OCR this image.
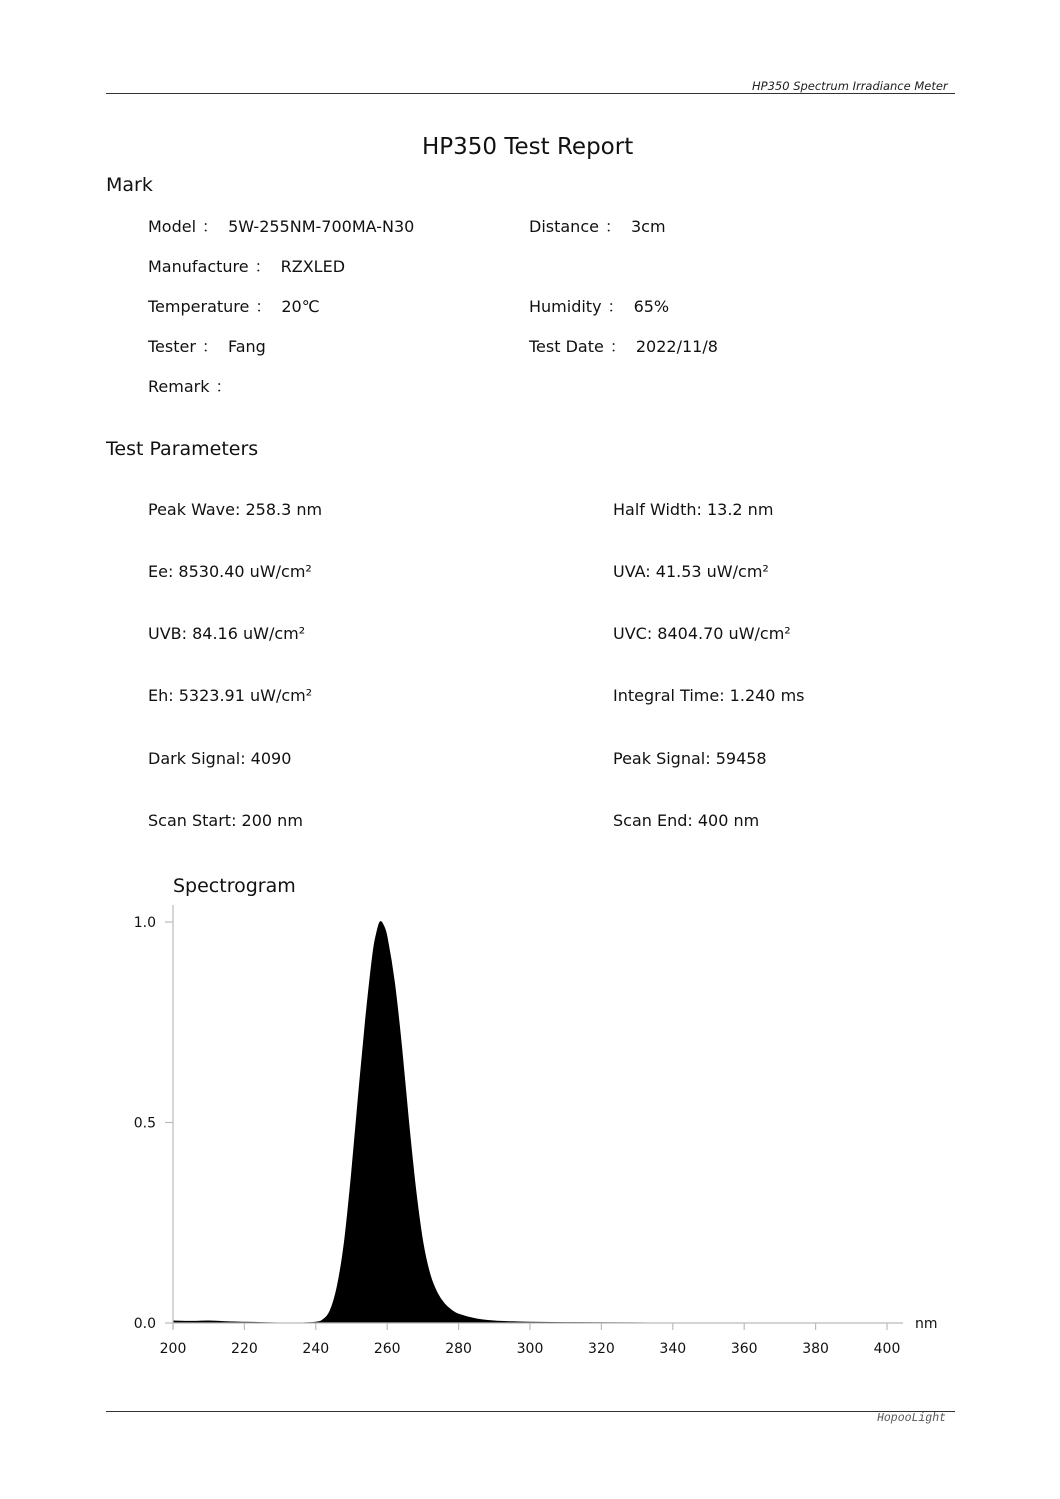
HP350 Spectrum Irradiance Meter
HP350 Test Report
Mark
Model ： 5W-255NM-700MA-N30	Distance ： 3cm
Manufacture ： RZXLED
Temperature ： 20℃	Humidity ： 65%
Tester ： Fang	Test Date ： 2022/11/8
Remark ：
Test Parameters
Peak Wave: 258.3 nm	Half Width: 13.2 nm
Ee: 8530.40 uW/cm²	UVA: 41.53 uW/cm²
UVB: 84.16 uW/cm²	UVC: 8404.70 uW/cm²
Eh: 5323.91 uW/cm²	Integral Time: 1.240 ms
Dark Signal: 4090	Peak Signal: 59458
Scan Start: 200 nm	Scan End: 400 nm
Spectrogram
200	220	240	260	280	300	320	340	360	380	400
0.0
0.5
1.0
nm
HopooLight
